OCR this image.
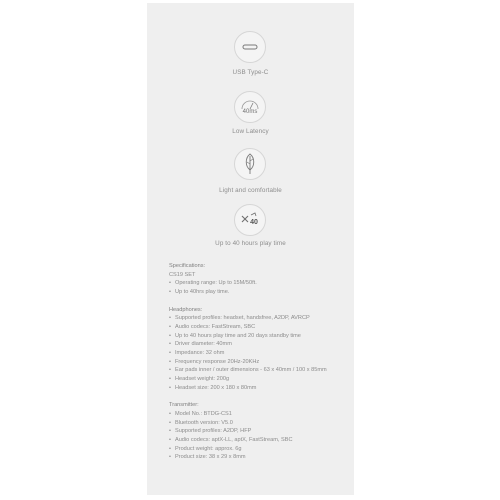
USB Type-C
40ms
Low Latency
Light and comfortable
40
Up to 40 hours play time
Specifications:
CS19 SET
• Operating range: Up to 15M/50ft.
• Up to 40hrs play time.
Headphones:
• Supported profiles: headset, handsfree, A2DP, AVRCP
• Audio codecs: FastStream, SBC
• Up to 40 hours play time and 20 days standby time
• Driver diameter: 40mm
• Impedance: 32 ohm
• Frequency response 20Hz-20KHz
• Ear pads inner / outer dimensions - 63 x 40mm / 100 x 85mm
• Headset weight: 200g
• Headset size: 200 x 180 x 80mm
Transmitter:
• Model No.: BTDG-CS1
• Bluetooth version: V5.0
• Supported profiles: A2DP, HFP
• Audio codecs: aptX-LL, aptX, FastStream, SBC
• Product weight: approx. 6g
• Product size: 38 x 29 x 8mm
